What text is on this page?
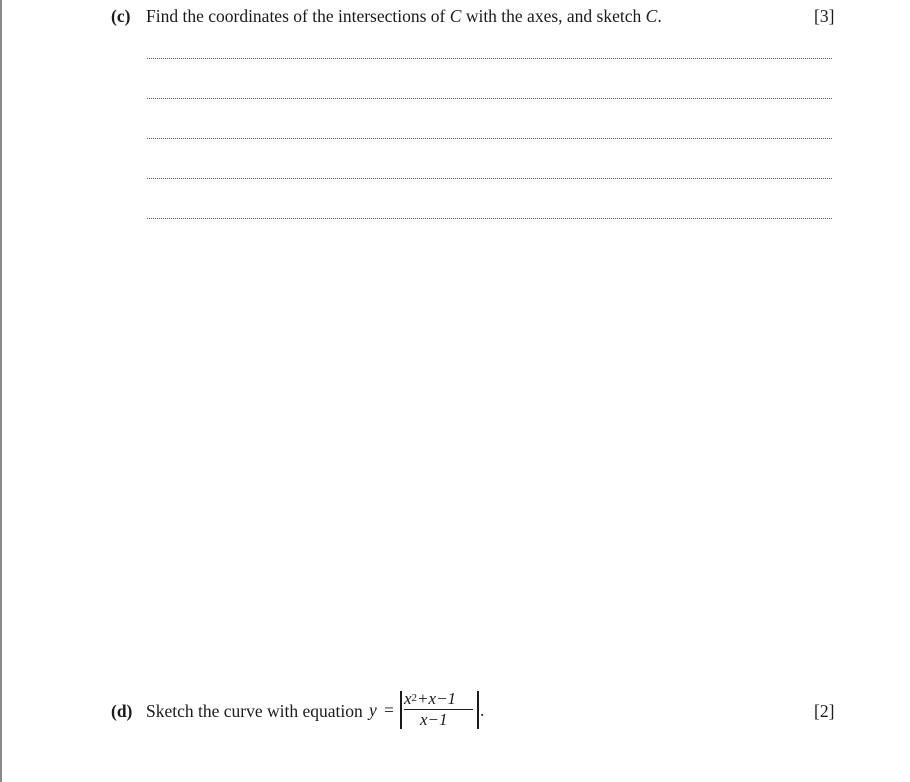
(c) Find the coordinates of the intersections of C with the axes, and sketch C.	[3]
(d) Sketch the curve with equation y =
$x^2+x-1$
x−1 .	[2]
